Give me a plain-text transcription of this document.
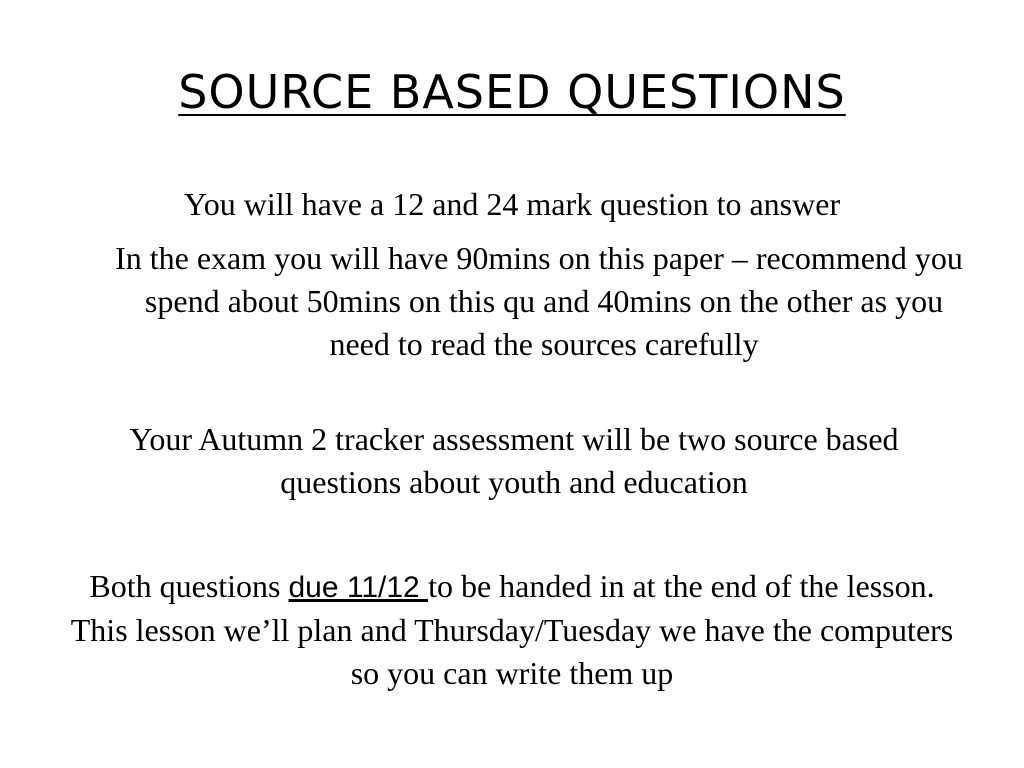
SOURCE BASED QUESTIONS
You will have a 12 and 24 mark question to answer
In the exam you will have 90mins on this paper – recommend you spend about 50mins on this qu and 40mins on the other as you need to read the sources carefully
Your Autumn 2 tracker assessment will be two source based questions about youth and education
Both questions due 11/12 to be handed in at the end of the lesson. This lesson we’ll plan and Thursday/Tuesday we have the computers so you can write them up
